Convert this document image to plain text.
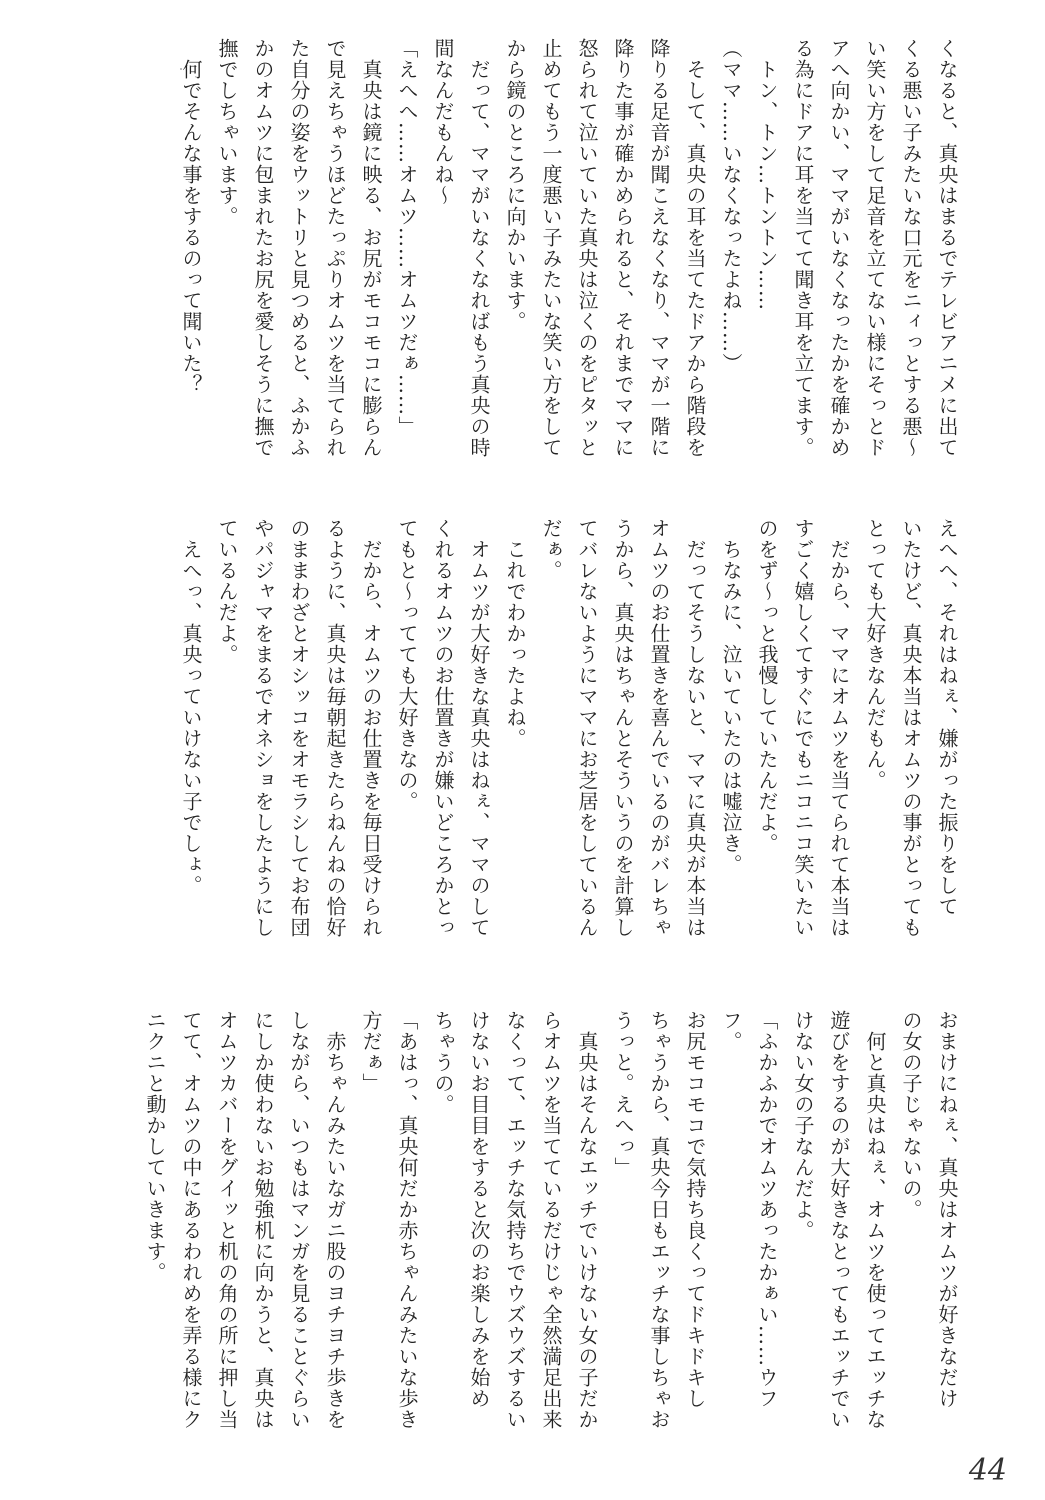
くなると、真央はまるでテレビアニメに出て
くる悪い子みたいな口元をニィっとする悪～
い笑い方をして足音を立てない様にそっとド
アへ向かい、ママがいなくなったかを確かめ
る為にドアに耳を当てて聞き耳を立てます。
　トン、トン…トントン……
（ママ……いなくなったよね……）
　そして、真央の耳を当てたドアから階段を
降りる足音が聞こえなくなり、ママが一階に
降りた事が確かめられると、それまでママに
怒られて泣いていた真央は泣くのをピタッと
止めてもう一度悪い子みたいな笑い方をして
から鏡のところに向かいます。
　だって、ママがいなくなればもう真央の時
間なんだもんね～
「えへへ……オムツ……オムツだぁ……」
　真央は鏡に映る、お尻がモコモコに膨らん
で見えちゃうほどたっぷりオムツを当てられ
た自分の姿をウットリと見つめると、ふかふ
かのオムツに包まれたお尻を愛しそうに撫で
撫でしちゃいます。
　何でそんな事をするのって聞いた？
えへへ、それはねぇ、嫌がった振りをして
いたけど、真央本当はオムツの事がとっても
とっても大好きなんだもん。
　だから、ママにオムツを当てられて本当は
すごく嬉しくてすぐにでもニコニコ笑いたい
のをず～っと我慢していたんだよ。
　ちなみに、泣いていたのは嘘泣き。
　だってそうしないと、ママに真央が本当は
オムツのお仕置きを喜んでいるのがバレちゃ
うから、真央はちゃんとそういうのを計算し
てバレないようにママにお芝居をしているん
だぁ。
　これでわかったよね。
　オムツが大好きな真央はねぇ、ママのして
くれるオムツのお仕置きが嫌いどころかとっ
てもと～ってても大好きなの。
　だから、オムツのお仕置きを毎日受けられ
るように、真央は毎朝起きたらねんねの恰好
のままわざとオシッコをオモラシしてお布団
やパジャマをまるでオネショをしたようにし
ているんだよ。
　えへっ、真央っていけない子でしょ。
おまけにねぇ、真央はオムツが好きなだけ
の女の子じゃないの。
　何と真央はねぇ、オムツを使ってエッチな
遊びをするのが大好きなとってもエッチでい
けない女の子なんだよ。
「ふかふかでオムツあったかぁい……ウフフ。
お尻モコモコで気持ち良くってドキドキし
ちゃうから、真央今日もエッチな事しちゃお
うっと。えへっ」
　真央はそんなエッチでいけない女の子だか
らオムツを当てているだけじゃ全然満足出来
なくって、エッチな気持ちでウズウズするい
けないお目目をすると次のお楽しみを始め
ちゃうの。
「あはっ、真央何だか赤ちゃんみたいな歩き
方だぁ」
　赤ちゃんみたいなガニ股のヨチヨチ歩きを
しながら、いつもはマンガを見ることぐらい
にしか使わないお勉強机に向かうと、真央は
オムツカバーをグイッと机の角の所に押し当
てて、オムツの中にあるわれめを弄る様にク
ニクニと動かしていきます。
44
